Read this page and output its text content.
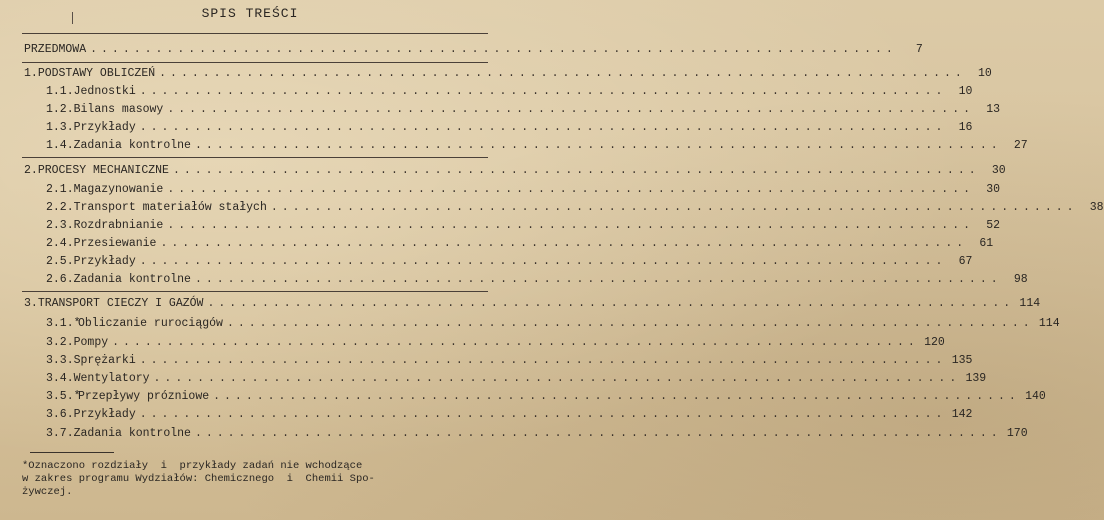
SPIS TREŚCI
PRZEDMOWA ..........................................................................	7
1. PODSTAWY OBLICZEŃ ..........................................................................	10
1.1. Jednostki ..........................................................................	10
1.2. Bilans masowy ..........................................................................	13
1.3. Przykłady ..........................................................................	16
1.4. Zadania kontrolne ..........................................................................	27
2. PROCESY MECHANICZNE ..........................................................................	30
2.1. Magazynowanie ..........................................................................	30
2.2. Transport materiałów stałych ..........................................................................	38
2.3. Rozdrabnianie ..........................................................................	52
2.4. Przesiewanie ..........................................................................	61
2.5. Przykłady ..........................................................................	67
2.6. Zadania kontrolne ..........................................................................	98
3. TRANSPORT CIECZY I GAZÓW .......................................................................... 114
3.1.*
Obliczanie rurociągów .......................................................................... 114
3.2. Pompy .......................................................................... 120
3.3. Sprężarki .......................................................................... 135
3.4. Wentylatory .......................................................................... 139
3.5.*
Przepływy prózniowe .......................................................................... 140
3.6. Przykłady .......................................................................... 142
3.7. Zadania kontrolne .......................................................................... 170
*Oznaczono rozdziały  i  przykłady zadań nie wchodzące
w zakres programu Wydziałów: Chemicznego  i  Chemii Spo-
żywczej.
